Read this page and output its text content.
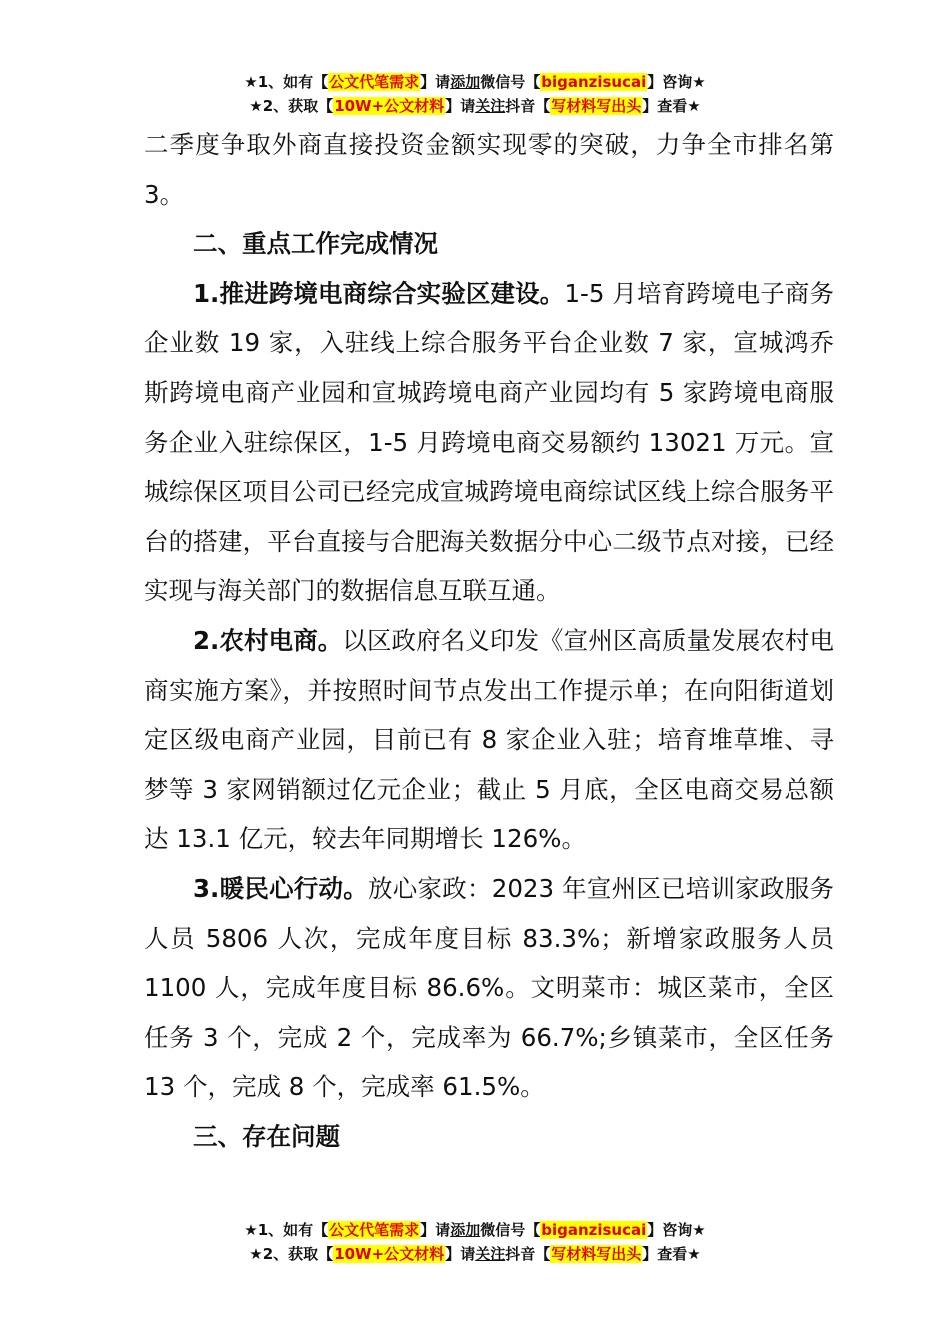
★1、如有【公文代笔需求】请添加微信号【biganzisucai】咨询★
★2、获取【10W+公文材料】请关注抖音【写材料写出头】查看★

二季度争取外商直接投资金额实现零的突破，力争全市排名第 3。

二、重点工作完成情况

1.推进跨境电商综合实验区建设。1-5 月培育跨境电子商务企业数 19 家，入驻线上综合服务平台企业数 7 家，宣城鸿乔斯跨境电商产业园和宣城跨境电商产业园均有 5 家跨境电商服务企业入驻综保区，1-5 月跨境电商交易额约 13021 万元。宣城综保区项目公司已经完成宣城跨境电商综试区线上综合服务平台的搭建，平台直接与合肥海关数据分中心二级节点对接，已经实现与海关部门的数据信息互联互通。

2.农村电商。以区政府名义印发《宣州区高质量发展农村电商实施方案》，并按照时间节点发出工作提示单；在向阳街道划定区级电商产业园，目前已有 8 家企业入驻；培育堆草堆、寻梦等 3 家网销额过亿元企业；截止 5 月底，全区电商交易总额达 13.1 亿元，较去年同期增长 126%。

3.暖民心行动。放心家政：2023 年宣州区已培训家政服务人员 5806 人次，完成年度目标 83.3%；新增家政服务人员 1100 人，完成年度目标 86.6%。文明菜市：城区菜市，全区任务 3 个，完成 2 个，完成率为 66.7%;乡镇菜市，全区任务 13 个，完成 8 个，完成率 61.5%。

三、存在问题

★1、如有【公文代笔需求】请添加微信号【biganzisucai】咨询★
★2、获取【10W+公文材料】请关注抖音【写材料写出头】查看★
